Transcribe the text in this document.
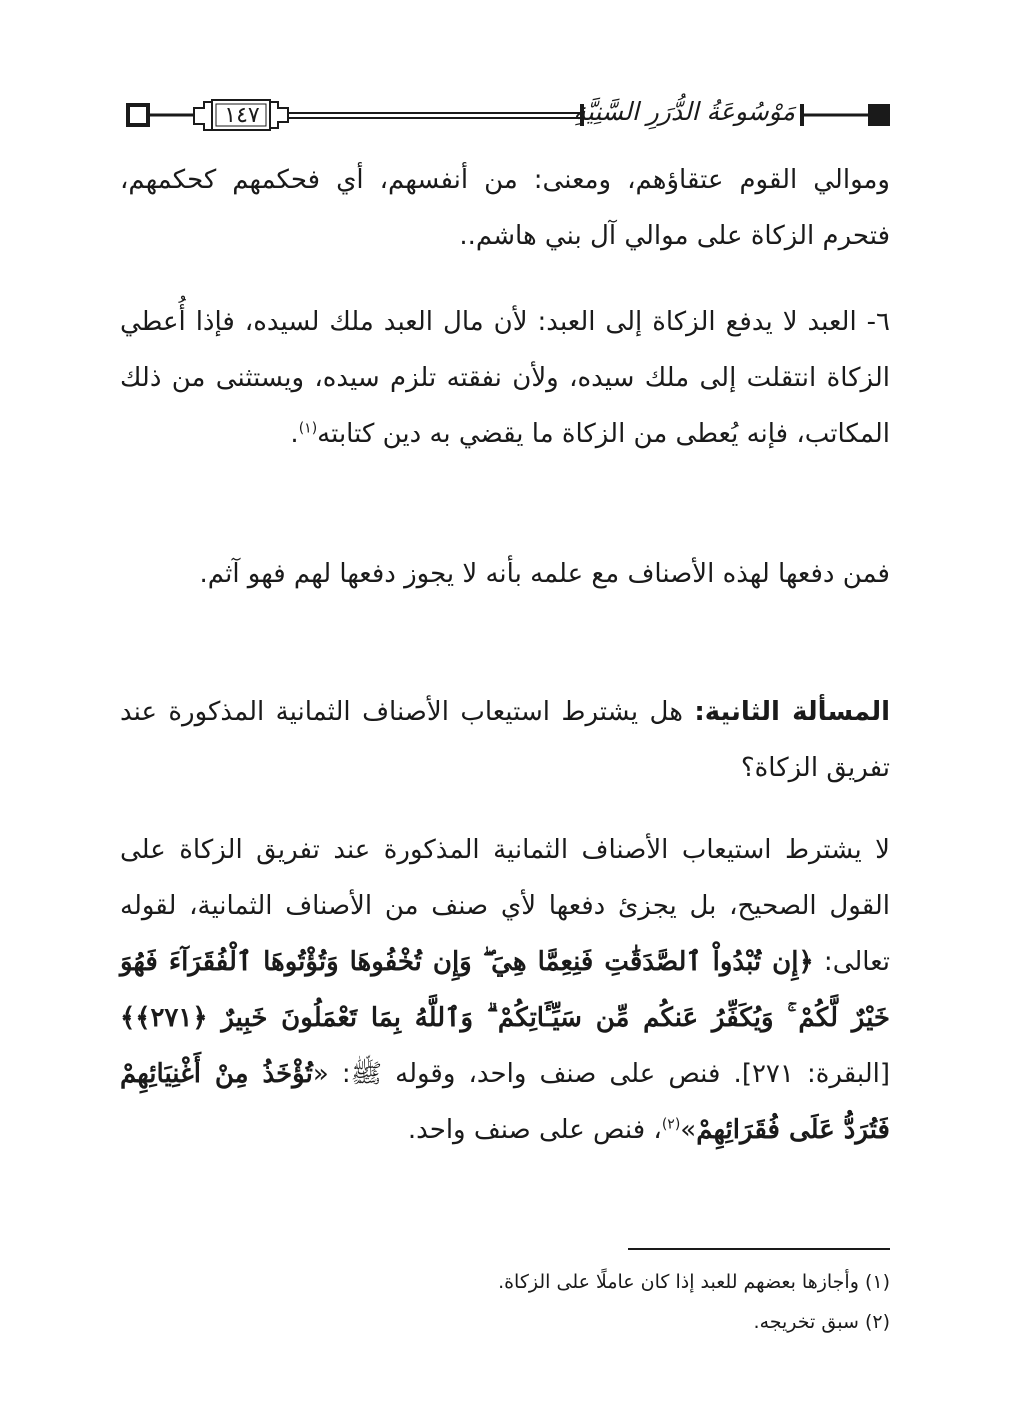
١٤٧	مَوْسُوعَةُ الدُّرَرِ السَّنِيَّةِ

وموالي القوم عتقاؤهم، ومعنى: من أنفسهم، أي فحكمهم كحكمهم، فتحرم الزكاة على موالي آل بني هاشم..

٦- العبد لا يدفع الزكاة إلى العبد: لأن مال العبد ملك لسيده، فإذا أُعطي الزكاة انتقلت إلى ملك سيده، ولأن نفقته تلزم سيده، ويستثنى من ذلك المكاتب، فإنه يُعطى من الزكاة ما يقضي به دين كتابته$^{(١)}$.

فمن دفعها لهذه الأصناف مع علمه بأنه لا يجوز دفعها لهم فهو آثم.

المسألة الثانية: هل يشترط استيعاب الأصناف الثمانية المذكورة عند تفريق الزكاة؟

لا يشترط استيعاب الأصناف الثمانية المذكورة عند تفريق الزكاة على القول الصحيح، بل يجزئ دفعها لأي صنف من الأصناف الثمانية، لقوله تعالى: ﴿إِن تُبْدُواْ ٱلصَّدَقَٰتِ فَنِعِمَّا هِيَ ۖ وَإِن تُخْفُوهَا وَتُؤْتُوهَا ٱلْفُقَرَآءَ فَهُوَ خَيْرٌ لَّكُمْ ۚ وَيُكَفِّرُ عَنكُم مِّن سَيِّـَٔاتِكُمْ ۗ وَٱللَّهُ بِمَا تَعْمَلُونَ خَبِيرٌ ﴿٢٧١﴾﴾ [البقرة: ٢٧١]. فنص على صنف واحد، وقوله ﷺ: «تُؤْخَذُ مِنْ أَغْنِيَائِهِمْ فَتُرَدُّ عَلَى فُقَرَائِهِمْ»$^{(٢)}$، فنص على صنف واحد.

(١) وأجازها بعضهم للعبد إذا كان عاملًا على الزكاة.

(٢) سبق تخريجه.
